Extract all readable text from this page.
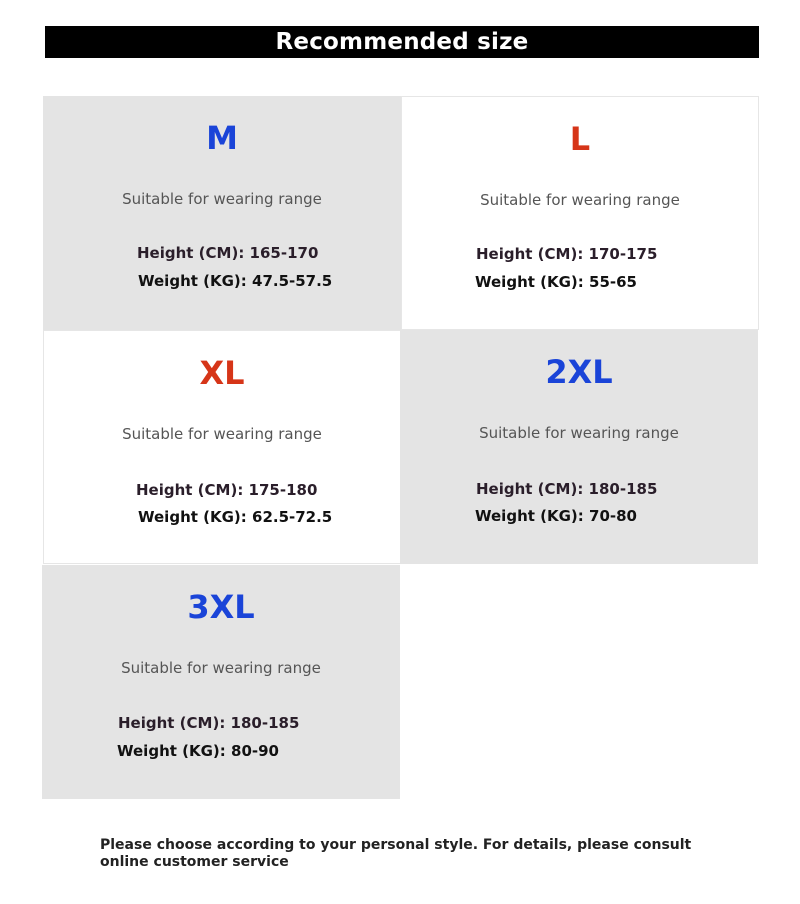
Recommended size
M
Suitable for wearing range
Height (CM): 165-170
Weight (KG): 47.5-57.5
L
Suitable for wearing range
Height (CM): 170-175
Weight (KG): 55-65
XL
Suitable for wearing range
Height (CM): 175-180
Weight (KG): 62.5-72.5
2XL
Suitable for wearing range
Height (CM): 180-185
Weight (KG): 70-80
3XL
Suitable for wearing range
Height (CM): 180-185
Weight (KG): 80-90
Please choose according to your personal style. For details, please consult online customer service
